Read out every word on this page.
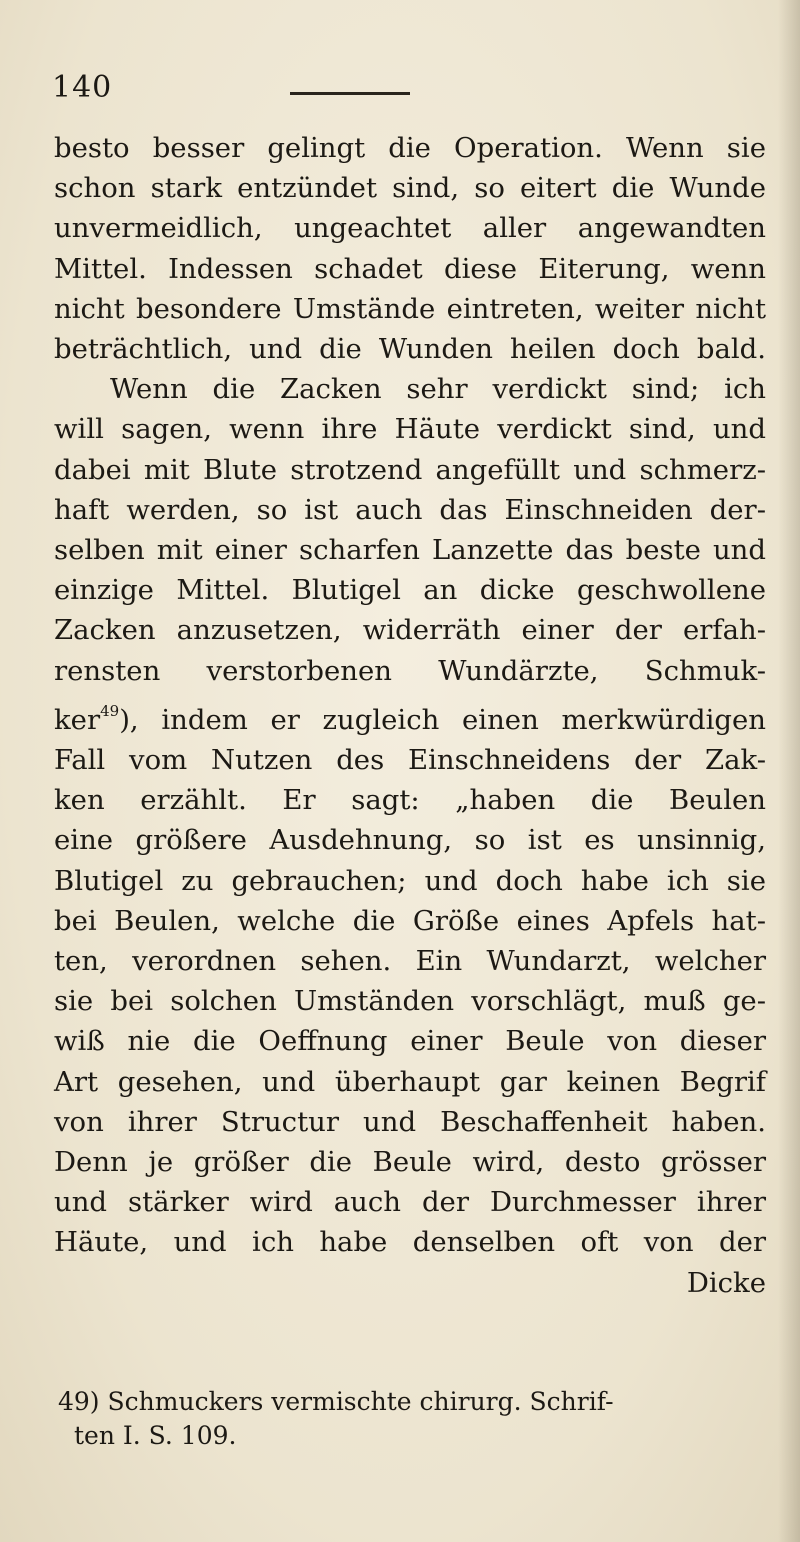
140

besto besser gelingt die Operation. Wenn sie
schon stark entzündet sind, so eitert die Wunde
unvermeidlich, ungeachtet aller angewandten
Mittel. Indessen schadet diese Eiterung, wenn
nicht besondere Umstände eintreten, weiter nicht
beträchtlich, und die Wunden heilen doch bald.

Wenn die Zacken sehr verdickt sind; ich
will sagen, wenn ihre Häute verdickt sind, und
dabei mit Blute strotzend angefüllt und schmerz-
haft werden, so ist auch das Einschneiden der-
selben mit einer scharfen Lanzette das beste und
einzige Mittel. Blutigel an dicke geschwollene
Zacken anzusetzen, widerräth einer der erfah-
rensten verstorbenen Wundärzte, Schmuk-
ker$^{49}$), indem er zugleich einen merkwürdigen
Fall vom Nutzen des Einschneidens der Zak-
ken erzählt. Er sagt: „haben die Beulen
eine größere Ausdehnung, so ist es unsinnig,
Blutigel zu gebrauchen; und doch habe ich sie
bei Beulen, welche die Größe eines Apfels hat-
ten, verordnen sehen. Ein Wundarzt, welcher
sie bei solchen Umständen vorschlägt, muß ge-
wiß nie die Oeffnung einer Beule von dieser
Art gesehen, und überhaupt gar keinen Begrif
von ihrer Structur und Beschaffenheit haben.
Denn je größer die Beule wird, desto grösser
und stärker wird auch der Durchmesser ihrer
Häute, und ich habe denselben oft von der

Dicke
49) Schmuckers vermischte chirurg. Schrif-
ten I. S. 109.
